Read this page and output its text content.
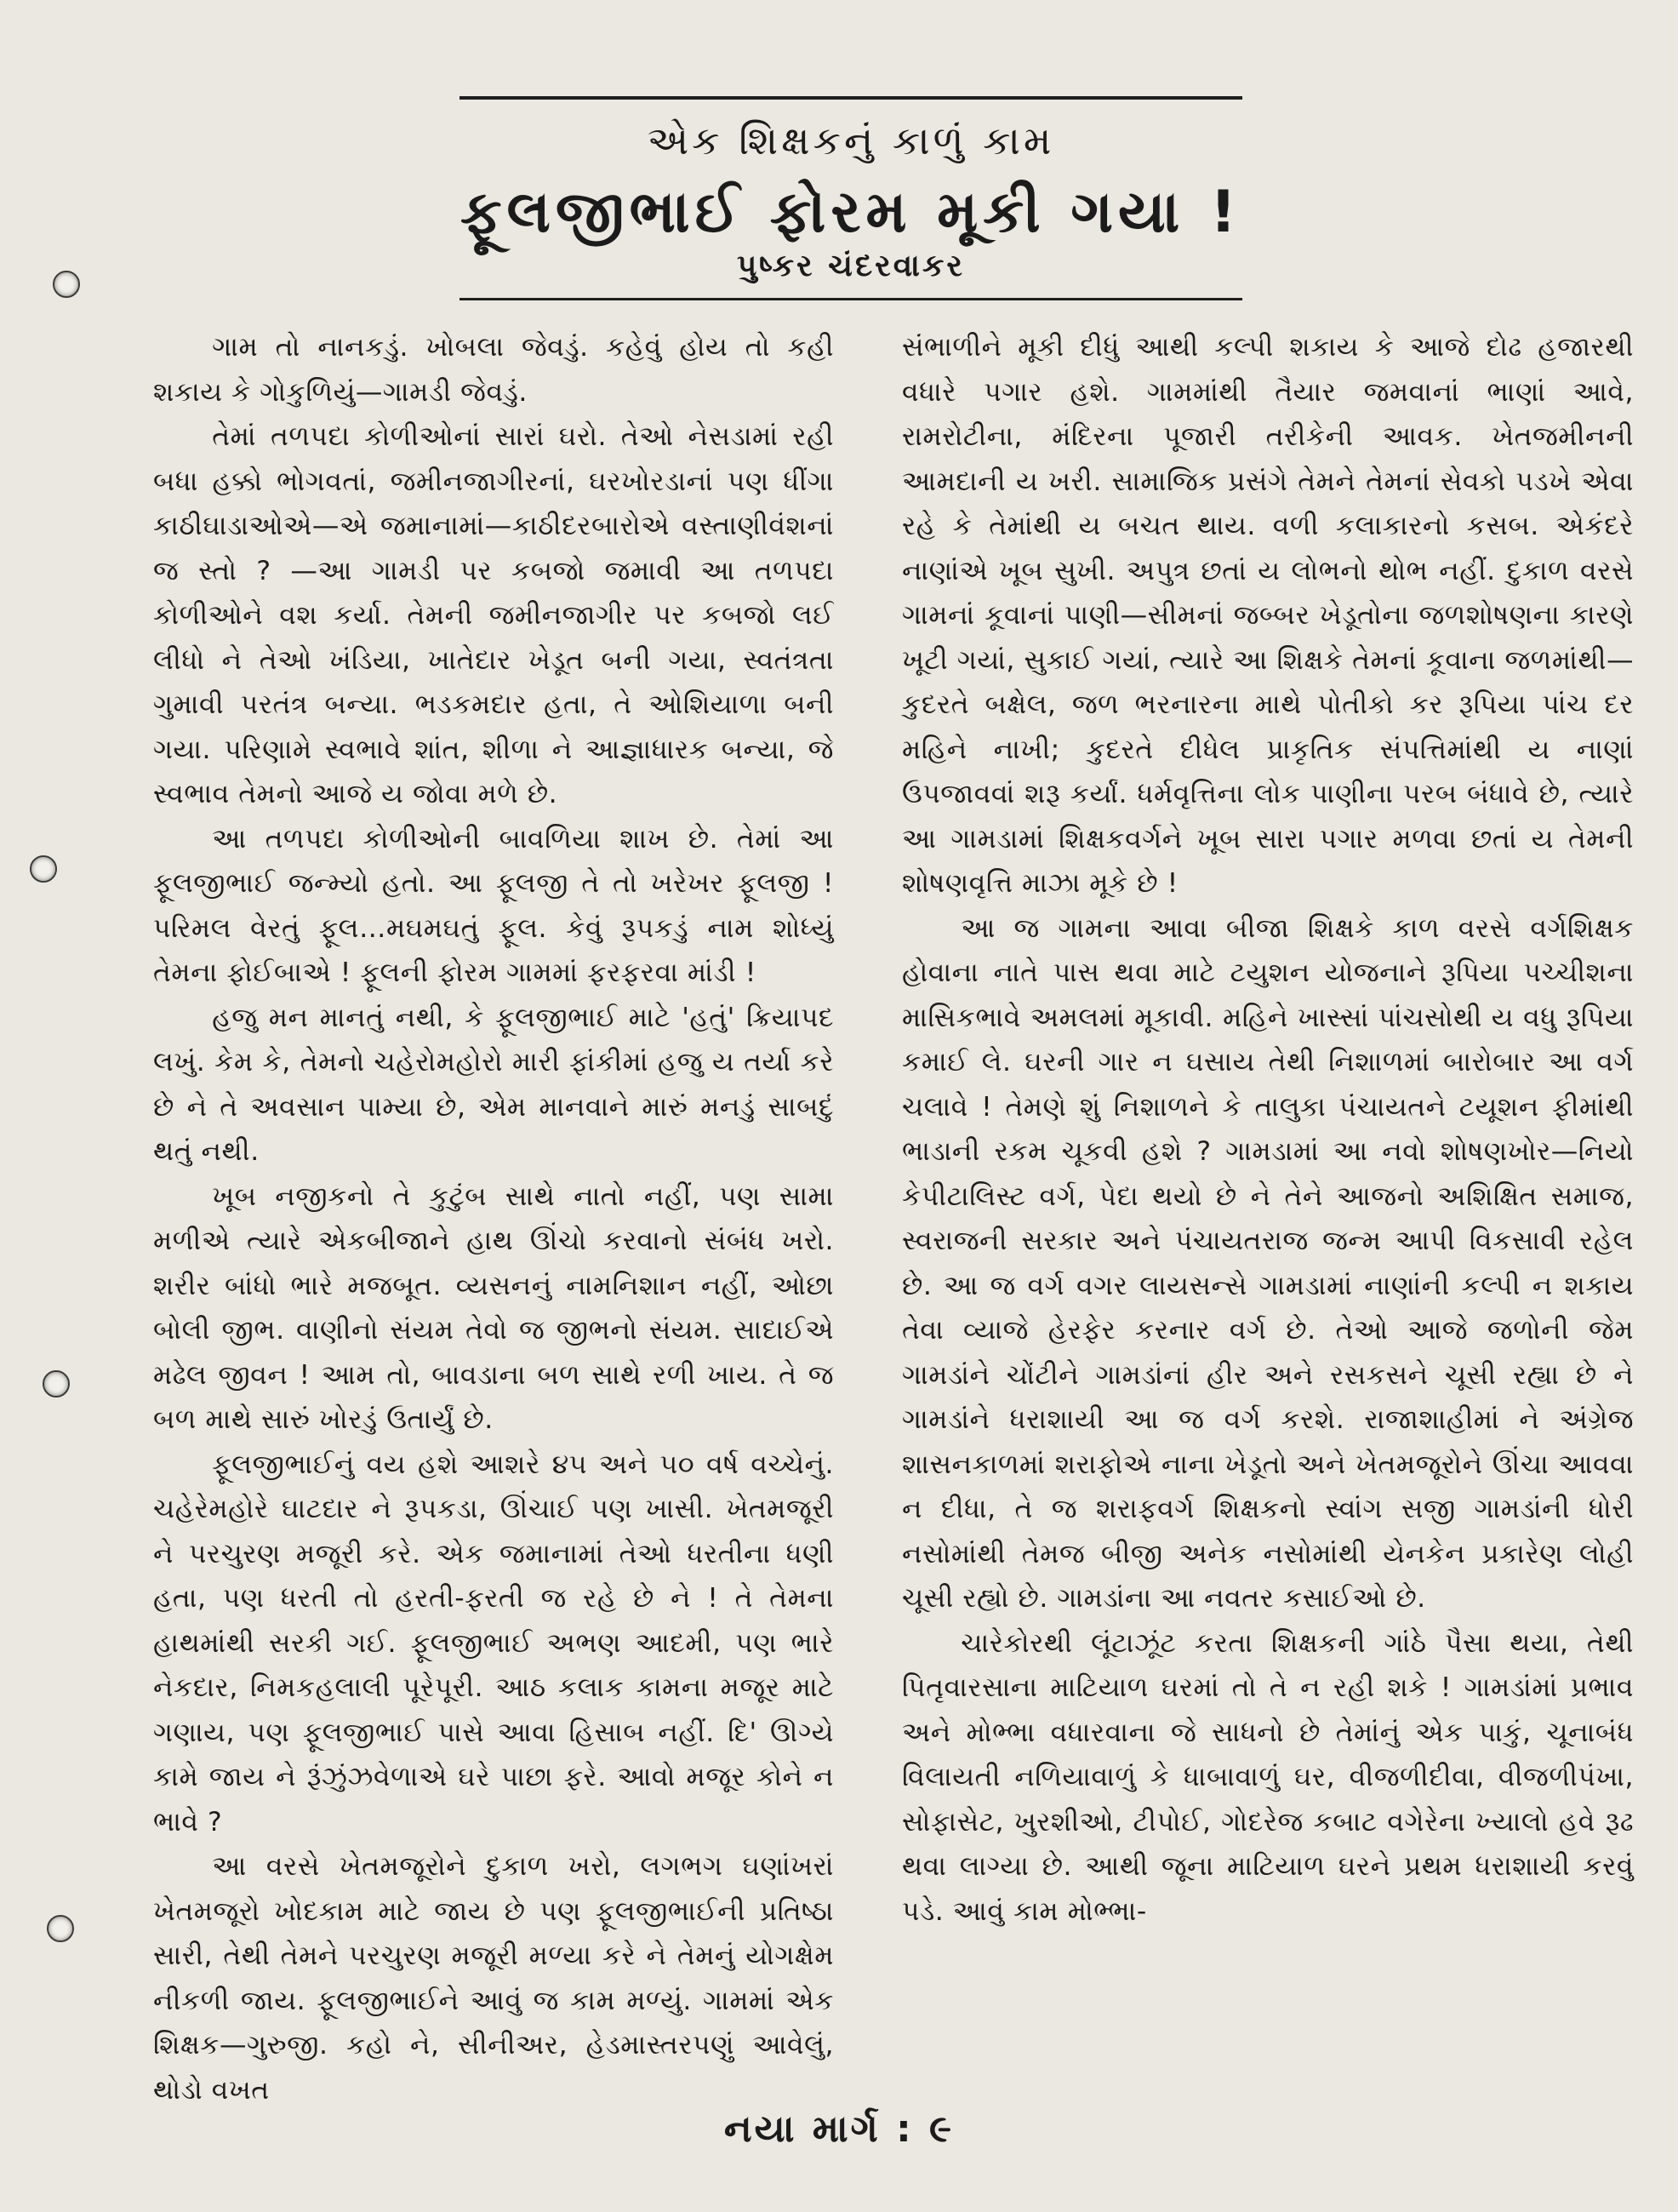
એક શિક્ષકનું કાળું કામ
ફૂલજીભાઈ ફોરમ મૂકી ગયા !
પુષ્કર ચંદરવાકર

ગામ તો નાનકડું. ખોબલા જેવડું. કહેવું હોય તો કહી શકાય કે ગોકુળિયું—ગામડી જેવડું.

તેમાં તળપદા કોળીઓનાં સારાં ઘરો. તેઓ નેસડામાં રહી બધા હક્કો ભોગવતાં, જમીનજાગીરનાં, ઘરખોરડાનાં પણ ધીંગા કાઠીઘાડાઓએ—એ જમાનામાં—કાઠીદરબારોએ વસ્તાણીવંશનાં જ સ્તો ? —આ ગામડી પર કબજો જમાવી આ તળપદા કોળીઓને વશ કર્યા. તેમની જમીનજાગીર પર કબજો લઈ લીધો ને તેઓ ખંડિયા, ખાતેદાર ખેડૂત બની ગયા, સ્વતંત્રતા ગુમાવી પરતંત્ર બન્યા. ભડકમદાર હતા, તે ઓશિયાળા બની ગયા. પરિણામે સ્વભાવે શાંત, શીળા ને આજ્ઞાધારક બન્યા, જે સ્વભાવ તેમનો આજે ય જોવા મળે છે.

આ તળપદા કોળીઓની બાવળિયા શાખ છે. તેમાં આ ફૂલજીભાઈ જન્મ્યો હતો. આ ફૂલજી તે તો ખરેખર ફૂલજી ! પરિમલ વેરતું ફૂલ…મઘમઘતું ફૂલ. કેવું રૂપકડું નામ શોધ્યું તેમના ફોઈબાએ ! ફૂલની ફોરમ ગામમાં ફરફરવા માંડી !

હજુ મન માનતું નથી, કે ફૂલજીભાઈ માટે 'હતું' ક્રિયાપદ લખું. કેમ કે, તેમનો ચહેરોમહોરો મારી ફાંકીમાં હજુ ય તર્યા કરે છે ને તે અવસાન પામ્યા છે, એમ માનવાને મારું મનડું સાબદું થતું નથી.

ખૂબ નજીકનો તે કુટુંબ સાથે નાતો નહીં, પણ સામા મળીએ ત્યારે એકબીજાને હાથ ઊંચો કરવાનો સંબંધ ખરો. શરીર બાંધો ભારે મજબૂત. વ્યસનનું નામનિશાન નહીં, ઓછા બોલી જીભ. વાણીનો સંયમ તેવો જ જીભનો સંયમ. સાદાઈએ મઢેલ જીવન ! આમ તો, બાવડાના બળ સાથે રળી ખાય. તે જ બળ માથે સારું ખોરડું ઉતાર્યું છે.

ફૂલજીભાઈનું વય હશે આશરે ૪૫ અને ૫૦ વર્ષ વચ્ચેનું. ચહેરેમહોરે ઘાટદાર ને રૂપકડા, ઊંચાઈ પણ ખાસી. ખેતમજૂરી ને પરચુરણ મજૂરી કરે. એક જમાનામાં તેઓ ધરતીના ધણી હતા, પણ ધરતી તો હરતી-ફરતી જ રહે છે ને ! તે તેમના હાથમાંથી સરકી ગઈ. ફૂલજીભાઈ અભણ આદમી, પણ ભારે નેકદાર, નિમકહલાલી પૂરેપૂરી. આઠ કલાક કામના મજૂર માટે ગણાય, પણ ફૂલજીભાઈ પાસે આવા હિસાબ નહીં. દિ' ઊગ્યે કામે જાય ને રૂંઝુંઝવેળાએ ઘરે પાછા ફરે. આવો મજૂર કોને ન ભાવે ?

આ વરસે ખેતમજૂરોને દુકાળ ખરો, લગભગ ઘણાંખરાં ખેતમજૂરો ખોદકામ માટે જાય છે પણ ફૂલજીભાઈની પ્રતિષ્ઠા સારી, તેથી તેમને પરચુરણ મજૂરી મળ્યા કરે ને તેમનું યોગક્ષેમ નીકળી જાય. ફૂલજીભાઈને આવું જ કામ મળ્યું. ગામમાં એક શિક્ષક—ગુરુજી. કહો ને, સીનીઅર, હેડમાસ્તરપણું આવેલું, થોડો વખત

સંભાળીને મૂકી દીધું આથી કલ્પી શકાય કે આજે દોઢ હજારથી વધારે પગાર હશે. ગામમાંથી તૈયાર જમવાનાં ભાણાં આવે, રામરોટીના, મંદિરના પૂજારી તરીકેની આવક. ખેતજમીનની આમદાની ય ખરી. સામાજિક પ્રસંગે તેમને તેમનાં સેવકો પડખે એવા રહે કે તેમાંથી ય બચત થાય. વળી કલાકારનો કસબ. એકંદરે નાણાંએ ખૂબ સુખી. અપુત્ર છતાં ય લોભનો થોભ નહીં. દુકાળ વરસે ગામનાં કૂવાનાં પાણી—સીમનાં જબ્બર ખેડૂતોના જળશોષણના કારણે ખૂટી ગયાં, સુકાઈ ગયાં, ત્યારે આ શિક્ષકે તેમનાં કૂવાના જળમાંથી—કુદરતે બક્ષેલ, જળ ભરનારના માથે પોતીકો કર રૂપિયા પાંચ દર મહિને નાખી; કુદરતે દીધેલ પ્રાકૃતિક સંપત્તિમાંથી ય નાણાં ઉપજાવવાં શરૂ કર્યાં. ધર્મવૃત્તિના લોક પાણીના પરબ બંધાવે છે, ત્યારે આ ગામડામાં શિક્ષકવર્ગને ખૂબ સારા પગાર મળવા છતાં ય તેમની શોષણવૃત્તિ માઝા મૂકે છે !

આ જ ગામના આવા બીજા શિક્ષકે કાળ વરસે વર્ગશિક્ષક હોવાના નાતે પાસ થવા માટે ટયુશન યોજનાને રૂપિયા પચ્ચીશના માસિકભાવે અમલમાં મૂકાવી. મહિને ખાસ્સાં પાંચસોથી ય વધુ રૂપિયા કમાઈ લે. ઘરની ગાર ન ઘસાય તેથી નિશાળમાં બારોબાર આ વર્ગ ચલાવે ! તેમણે શું નિશાળને કે તાલુકા પંચાયતને ટયૂશન ફીમાંથી ભાડાની રકમ ચૂકવી હશે ? ગામડામાં આ નવો શોષણખોર—નિયો કેપીટાલિસ્ટ વર્ગ, પેદા થયો છે ને તેને આજનો અશિક્ષિત સમાજ, સ્વરાજની સરકાર અને પંચાયતરાજ જન્મ આપી વિકસાવી રહેલ છે. આ જ વર્ગ વગર લાયસન્સે ગામડામાં નાણાંની કલ્પી ન શકાય તેવા વ્યાજે હેરફેર કરનાર વર્ગ છે. તેઓ આજે જળોની જેમ ગામડાંને ચોંટીને ગામડાંનાં હીર અને રસકસને ચૂસી રહ્યા છે ને ગામડાંને ધરાશાયી આ જ વર્ગ કરશે. રાજાશાહીમાં ને અંગ્રેજ શાસનકાળમાં શરાફોએ નાના ખેડૂતો અને ખેતમજૂરોને ઊંચા આવવા ન દીધા, તે જ શરાફવર્ગ શિક્ષકનો સ્વાંગ સજી ગામડાંની ધોરી નસોમાંથી તેમજ બીજી અનેક નસોમાંથી યેનકેન પ્રકારેણ લોહી ચૂસી રહ્યો છે. ગામડાંના આ નવતર કસાઈઓ છે.

ચારેકોરથી લૂંટાઝૂંટ કરતા શિક્ષકની ગાંઠે પૈસા થયા, તેથી પિતૃવારસાના માટિયાળ ઘરમાં તો તે ન રહી શકે ! ગામડાંમાં પ્રભાવ અને મોભ્ભા વધારવાના જે સાધનો છે તેમાંનું એક પાકું, ચૂનાબંધ વિલાયતી નળિયાવાળું કે ધાબાવાળું ઘર, વીજળીદીવા, વીજળીપંખા, સોફાસેટ, ખુરશીઓ, ટીપોઈ, ગોદરેજ કબાટ વગેરેના ખ્યાલો હવે રૂઢ થવા લાગ્યા છે. આથી જૂના માટિયાળ ઘરને પ્રથમ ધરાશાયી કરવું પડે. આવું કામ મોભ્ભા-

નયા માર્ગ : ૯
